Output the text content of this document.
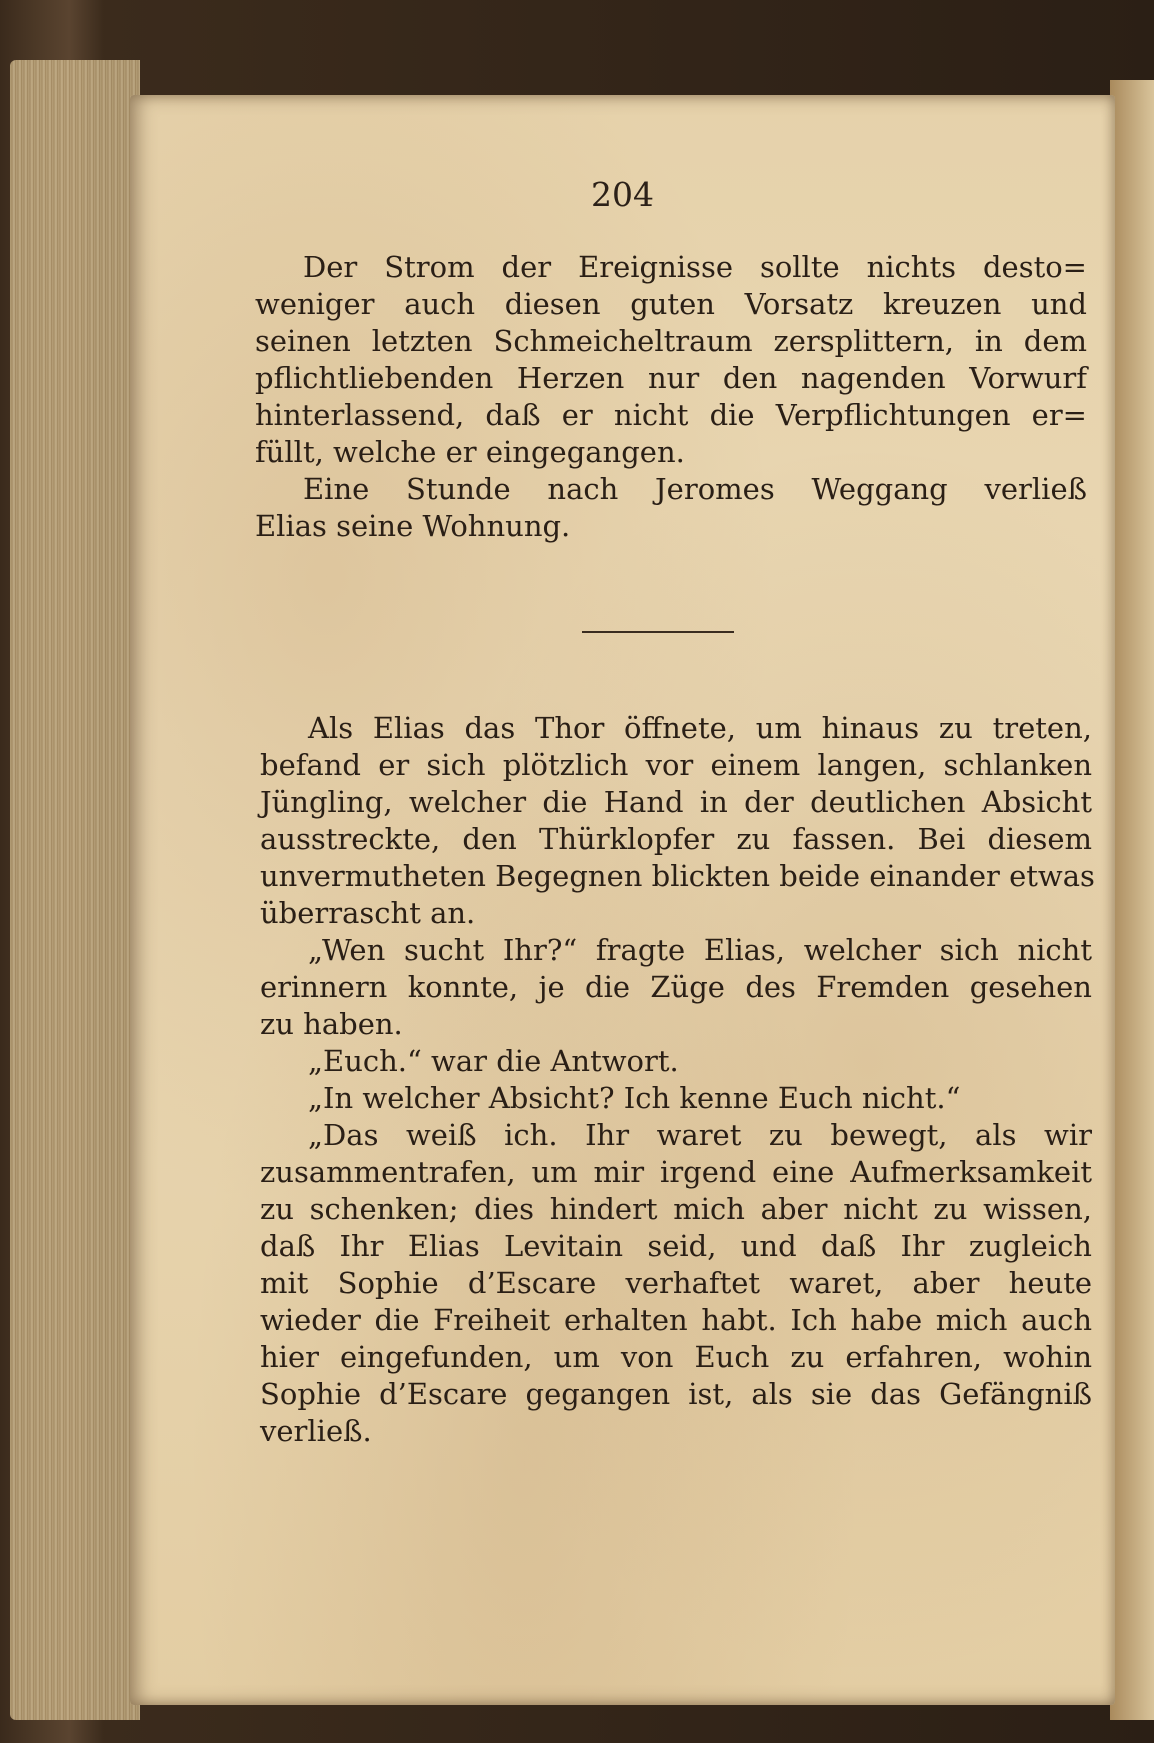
204
Der Strom der Ereignisse sollte nichts desto=
weniger auch diesen guten Vorsatz kreuzen und
seinen letzten Schmeicheltraum zersplittern, in dem
pflichtliebenden Herzen nur den nagenden Vorwurf
hinterlassend, daß er nicht die Verpflichtungen er=
füllt, welche er eingegangen.
Eine Stunde nach Jeromes Weggang verließ
Elias seine Wohnung.
Als Elias das Thor öffnete, um hinaus zu treten,
befand er sich plötzlich vor einem langen, schlanken
Jüngling, welcher die Hand in der deutlichen Absicht
ausstreckte, den Thürklopfer zu fassen. Bei diesem
unvermutheten Begegnen blickten beide einander etwas
überrascht an.
„Wen sucht Ihr?“ fragte Elias, welcher sich nicht
erinnern konnte, je die Züge des Fremden gesehen
zu haben.
„Euch.“ war die Antwort.
„In welcher Absicht? Ich kenne Euch nicht.“
„Das weiß ich. Ihr waret zu bewegt, als wir
zusammentrafen, um mir irgend eine Aufmerksamkeit
zu schenken; dies hindert mich aber nicht zu wissen,
daß Ihr Elias Levitain seid, und daß Ihr zugleich
mit Sophie d’Escare verhaftet waret, aber heute
wieder die Freiheit erhalten habt. Ich habe mich auch
hier eingefunden, um von Euch zu erfahren, wohin
Sophie d’Escare gegangen ist, als sie das Gefängniß
verließ.
